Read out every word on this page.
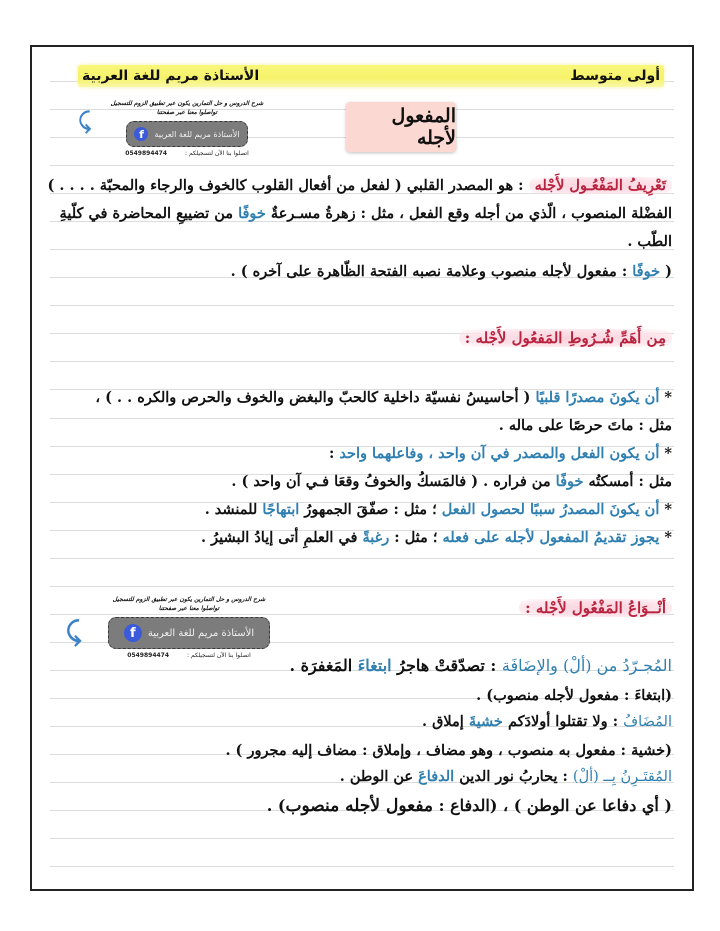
أولى متوسط
الأستاذة مريم للغة العربية
المفعول لأجله
شرح الدروس و حل التمارين يكون عبر تطبيق الزوم للتسجيل
تواصلوا معنا عبر صفحتنا
الأستاذة مريم للغة العربية
f
اتصلوا بنا الآن لتسجيلكم :
0549894474
⤹
تَعْرِيفُ المَفْعُـول لأَجْله : هو المصدر القلبي ( لفعل من أفعال القلوب كالخوف والرجاء والمحبّة . . . . )
الفضْلة المنصوب ، الّذي من أجله وقع الفعل ، مثل : زهرةُ مسـرعةٌ خوفًا من تضييعِ المحاضرة في كلّيةِ
الطّب .
( خوفًا : مفعول لأجله منصوب وعلامة نصبه الفتحة الظّاهرة على آخره ) .
مِن أَهَمِّ شُـرُوطِ المَفعُول لأَجْله :
* أن يكونَ مصدرًا قلبيًا ( أحاسيسُ نفسيّة داخلية كالحبّ والبغض والخوف والحرص والكره . . ) ،
مثل : ماتَ حرصًا على ماله .
* أن يكون الفعل والمصدر في آن واحد ، وفاعلهما واحد :
مثل : أمسكتُه خوفًا من فراره . ( فالمَسكُ والخوفُ وقعَا فـي آن واحد ) .
* أن يكونَ المصدرُ سببًا لحصول الفعل ؛ مثل : صفّقَ الجمهورُ ابتهاجًا للمنشد .
* يجوز تقديمُ المفعول لأجله على فعله ؛ مثل : رغبةً في العلمِ أتى إيادُ البشيرُ .
أنْــوَاعُ المَفْعُول لأَجْله :
شرح الدروس و حل التمارين يكون عبر تطبيق الزوم للتسجيل
تواصلوا معنا عبر صفحتنا
الأستاذة مريم للغة العربية
f
اتصلوا بنا الآن لتسجيلكم :
0549894474
⤹
المُجـرّدُ من (ألْ) والإضَافَة : تصدّقتْ هاجرُ ابتغاءَ المَغفرَة .
(ابتغاءَ : مفعول لأجله منصوب) .
المُضَافُ : ولا تقتلوا أولادَكم خشيةَ إملاق .
(خشية : مفعول به منصوب ، وهو مضاف ، وإملاق : مضاف إليه مجرور ) .
المُقتَـرِنُ بِــ (ألْ) : يحاربُ نور الدين الدفاعَ عن الوطن .
( أي دفاعا عن الوطن ) ، (الدفاع : مفعول لأجله منصوب) .
